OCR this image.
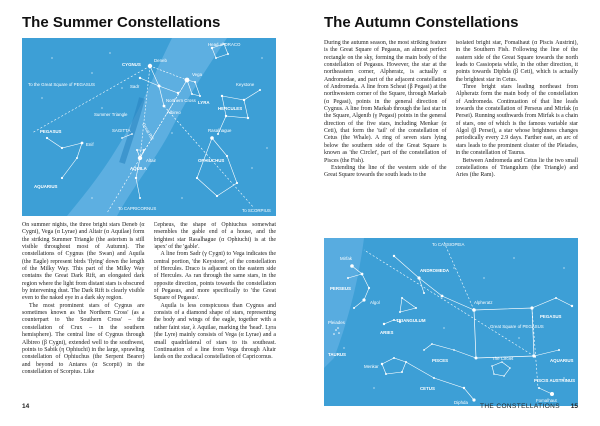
The Summer Constellations
Head of DRACO
CYGNUS
Deneb
Vega
LYRA
HERCULES
Keystone
Northern Cross
Summer Triangle
Great Rift
Sadr
Albireo
SAGITTA
To the Great Square of PEGASUS
PEGASUS
Altair
Enif
AQUILA
OPHIUCHUS
Rasalhague
AQUARIUS
To CAPRICORNUS	To SCORPIUS

On summer nights, the three bright stars Deneb (α Cygni), Vega (α Lyrae) and Altair (α Aquilae) form the striking Summer Triangle (the asterism is still visible throughout most of Autumn). The constellations of Cygnus (the Swan) and Aquila (the Eagle) represent birds 'flying' down the length of the Milky Way. This part of the Milky Way contains the Great Dark Rift, an elongated dark region where the light from distant stars is obscured by intervening dust. The Dark Rift is clearly visible even to the naked eye in a dark sky region.

The most prominent stars of Cygnus are sometimes known as 'the Northern Cross' (as a counterpart to 'the Southern Cross' – the constellation of Crux – in the southern hemisphere). The central line of Cygnus through Albireo (β Cygni), extended well to the southwest, points to Sabik (η Ophiuchi) in the large, sprawling constellation of Ophiuchus (the Serpent Bearer) and beyond to Antares (α Scorpii) in the constellation of Scorpius. Like

Cepheus, the shape of Ophiuchus somewhat resembles the gable end of a house, and the brightest star Rasalhague (α Ophiuchi) is at the 'apex' of the 'gable'.

A line from Sadr (γ Cygni) to Vega indicates the central portion, 'the Keystone', of the constellation of Hercules. Draco is adjacent on the eastern side of Hercules. As ran through the same stars, in the opposite direction, points towards the constellation of Pegasus, and more specifically to 'the Great Square of Pegasus'.

Aquila is less conspicuous than Cygnus and consists of a diamond shape of stars, representing the body and wings of the eagle, together with a rather faint star, λ Aquilae, marking the 'head'. Lyra (the Lyre) mainly consists of Vega (α Lyrae) and a small quadrilateral of stars to its southeast. Continuation of a line from Vega through Altair lands on the zodiacal constellation of Capricornus.

14
The Autumn Constellations

During the autumn season, the most striking feature is the Great Square of Pegasus, an almost perfect rectangle on the sky, forming the main body of the constellation of Pegasus. However, the star at the northeastern corner, Alpheratz, is actually α Andromedae, and part of the adjacent constellation of Andromeda. A line from Scheat (β Pegasi) at the northwestern corner of the Square, through Markab (α Pegasi), points in the general direction of Cygnus. A line from Markab through the last star in the Square, Algenib (γ Pegasi) points in the general direction of the five stars, including Menkar (α Ceti), that form the 'tail' of the constellation of Cetus (the Whale). A ring of seven stars lying below the southern side of the Great Square is known as 'the Circlet', part of the constellation of Pisces (the Fish).

Extending the line of the western side of the Great Square towards the south leads to the

isolated bright star, Fomalhaut (α Piscis Austrini), in the Southern Fish. Following the line of the eastern side of the Great Square towards the north leads to Cassiopeia while, in the other direction, it points towards Diphda (β Ceti), which is actually the brightest star in Cetus.

Three bright stars leading northeast from Alpheratz form the main body of the constellation of Andromeda. Continuation of that line leads towards the constellation of Perseus and Mirfak (α Persei). Running southwards from Mirfak is a chain of stars, one of which is the famous variable star Algol (β Persei), a star whose brightness changes periodically every 2.9 days. Farther east, an arc of stars leads to the prominent cluster of the Pleiades, in the constellation of Taurus.

Between Andromeda and Cetus lie the two small constellations of Triangulum (the Triangle) and Aries (the Ram).

To CASSIOPEIA
Mirfak
Algol
PERSEUS
ANDROMEDA
TRIANGULUM
Alpheratz
PEGASUS
Great Square of PEGASUS
Pleiades
ARIES
TAURUS
The Circlet
PISCES
Menkar
CETUS
AQUARIUS
Diphda
PISCIS AUSTRINUS
Fomalhaut
THE CONSTELLATIONS 15
